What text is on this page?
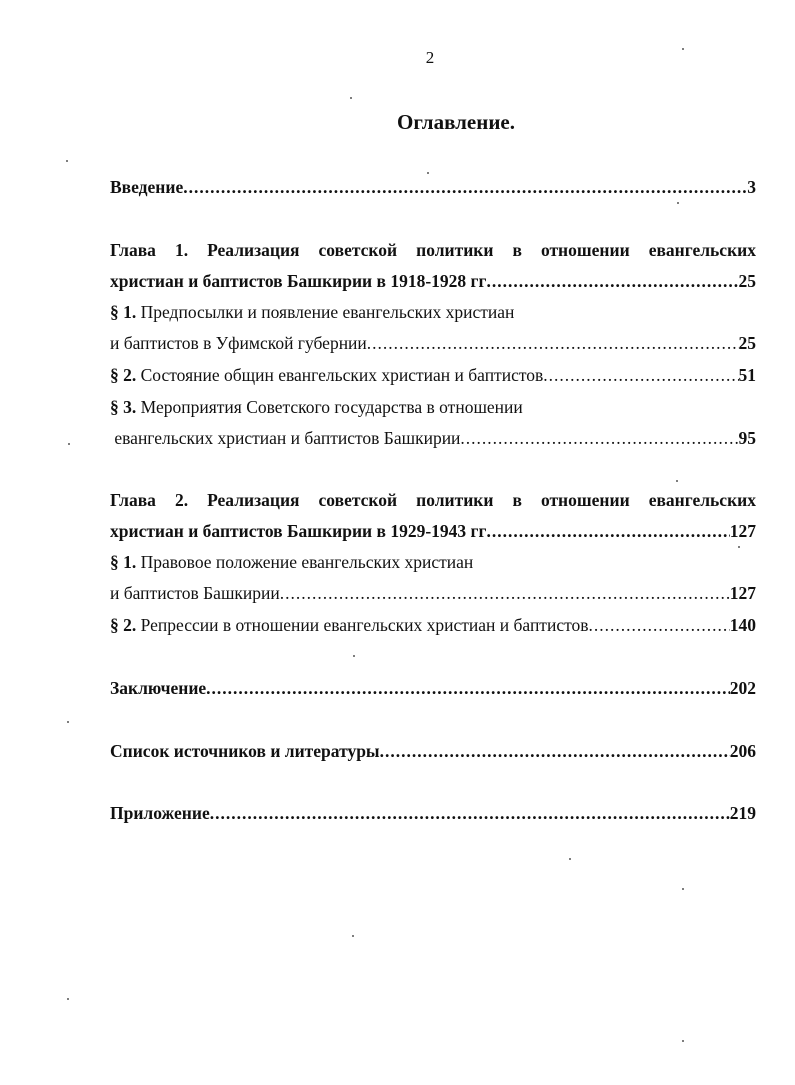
2
Оглавление.
Введение .....	3
Глава 1. Реализация советской политики в отношении евангельских
христиан и баптистов Башкирии в 1918-1928 гг .....	25
§ 1. Предпосылки и появление евангельских христиан
и баптистов в Уфимской губернии .....	25
§ 2. Состояние общин евангельских христиан и баптистов .....	51
§ 3. Мероприятия Советского государства в отношении
евангельских христиан и баптистов Башкирии .....	95
Глава 2. Реализация советской политики в отношении евангельских
христиан и баптистов Башкирии в 1929-1943 гг .....	127
§ 1. Правовое положение евангельских христиан
и баптистов Башкирии .....	127
§ 2. Репрессии в отношении евангельских христиан и баптистов .....	140
Заключение .....	202
Список источников и литературы .....	206
Приложение .....	219
